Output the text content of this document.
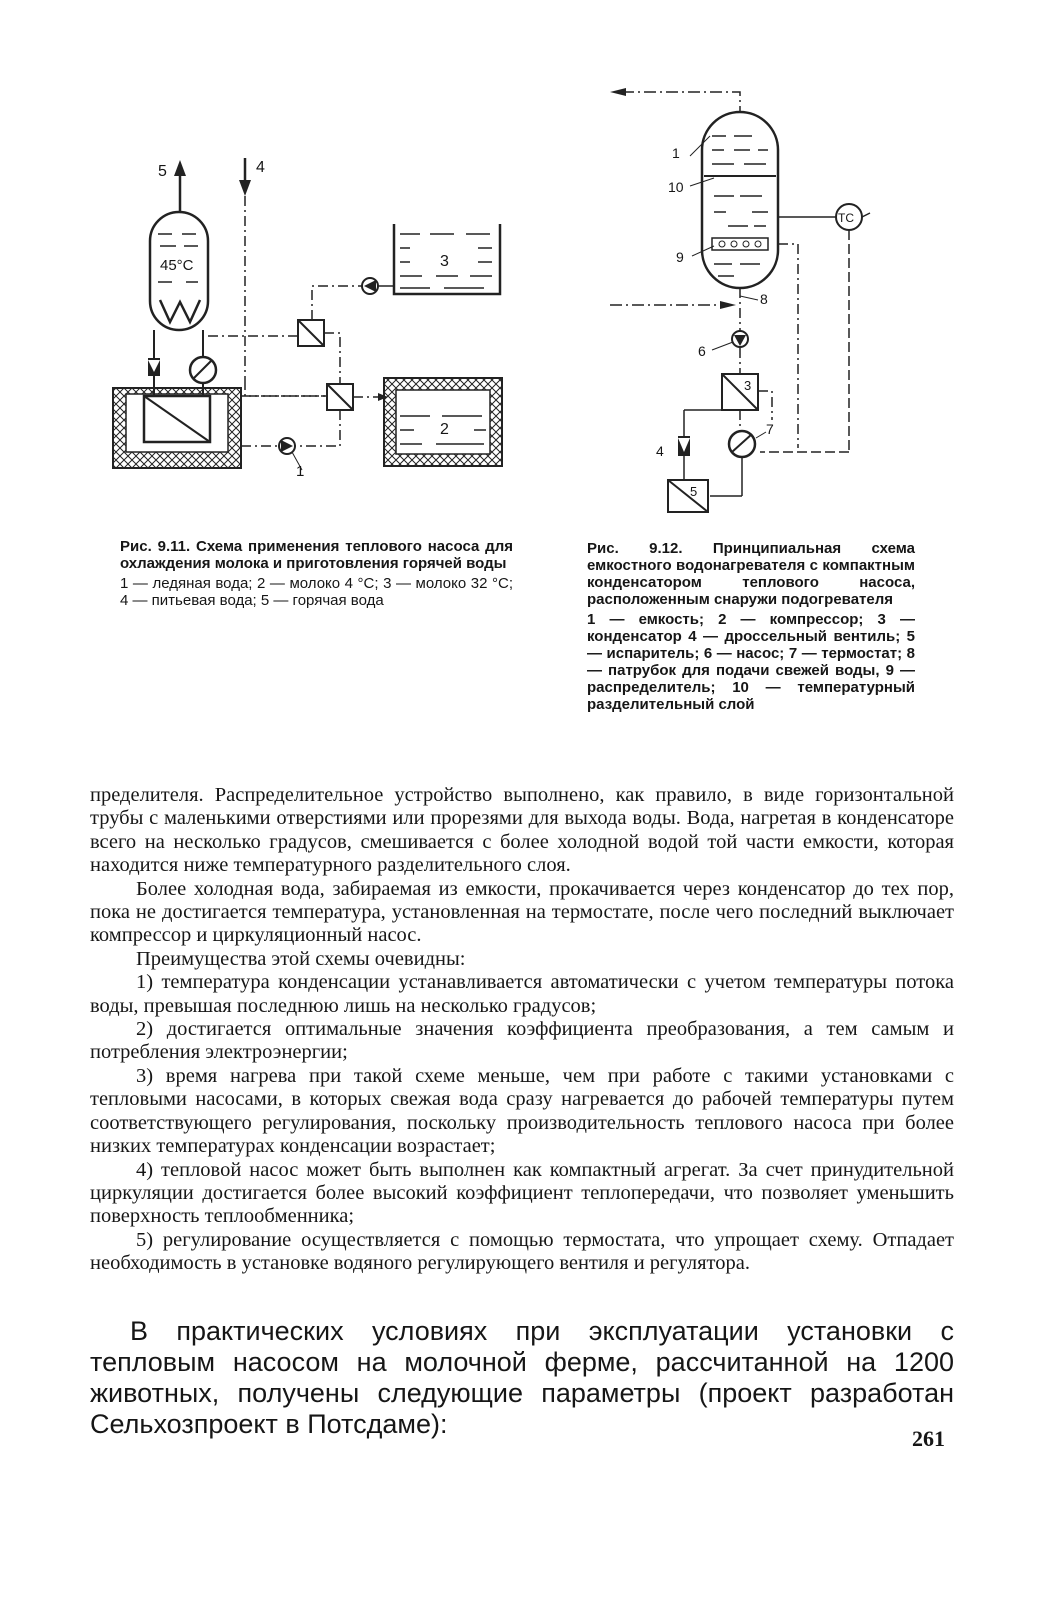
5	4
45°C
1
3
2
Рис. 9.11. Схема применения теплового насоса для охлаждения молока и приготовления горячей воды
1 — ледяная вода; 2 — молоко 4 °С; 3 — молоко 32 °С; 4 — питьевая вода; 5 — горячая вода
1
10
9
TC
8
6
3
7
4
5
Рис. 9.12. Принципиальная схема емкостного водонагревателя с компактным конденсатором теплового насоса, расположенным снаружи подогревателя
1 — емкость; 2 — компрессор; 3 — конденсатор 4 — дроссельный вентиль; 5 — испаритель; 6 — насос; 7 — термостат; 8 — патрубок для подачи свежей воды, 9 — распределитель; 10 — температурный разделительный слой

пределителя. Распределительное устройство выполнено, как правило, в виде горизонтальной трубы с маленькими отверстиями или прорезями для выхода воды. Вода, нагретая в конденсаторе всего на несколько градусов, смешивается с более холодной водой той части емкости, которая находится ниже температурного разделительного слоя.

Более холодная вода, забираемая из емкости, прокачивается через конденсатор до тех пор, пока не достигается температура, установленная на термостате, после чего последний выключает компрессор и циркуляционный насос.

Преимущества этой схемы очевидны:

1) температура конденсации устанавливается автоматически с учетом температуры потока воды, превышая последнюю лишь на несколько градусов;

2) достигается оптимальные значения коэффициента преобразования, а тем самым и потребления электроэнергии;

3) время нагрева при такой схеме меньше, чем при работе с такими установками с тепловыми насосами, в которых свежая вода сразу нагревается до рабочей температуры путем соответствующего регулирования, поскольку производительность теплового насоса при более низких температурах конденсации возрастает;

4) тепловой насос может быть выполнен как компактный агрегат. За счет принудительной циркуляции достигается более высокий коэффициент теплопередачи, что позволяет уменьшить поверхность теплообменника;

5) регулирование осуществляется с помощью термостата, что упрощает схему. Отпадает необходимость в установке водяного регулирующего вентиля и регулятора.

В практических условиях при эксплуатации установки с тепловым насосом на молочной ферме, рассчитанной на 1200 животных, получены следующие параметры (проект разработан Сельхозпроект в Потсдаме):	261
